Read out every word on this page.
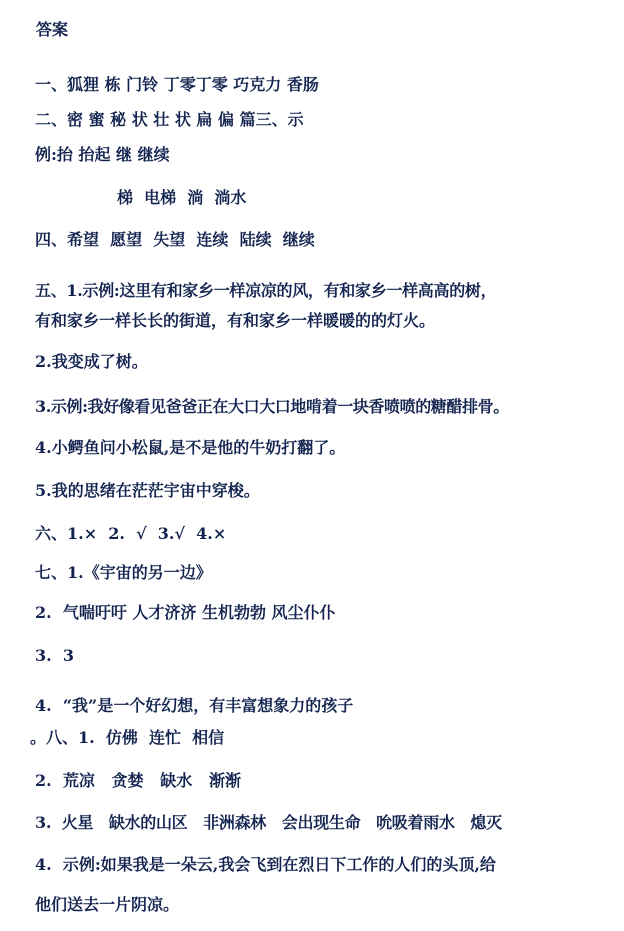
答案
一、狐狸 栋 门铃 丁零丁零 巧克力 香肠
二、密 蜜 秘 状 壮 状 扁 偏 篇三、示
例:抬 抬起 继 继续
梯  电梯  淌  淌水
四、希望  愿望  失望  连续  陆续  继续
五、1.示例:这里有和家乡一样凉凉的风，有和家乡一样高高的树，
有和家乡一样长长的街道，有和家乡一样暖暖的的灯火。
2.我变成了树。
3.示例:我好像看见爸爸正在大口大口地啃着一块香喷喷的糖醋排骨。
4.小鳄鱼问小松鼠,是不是他的牛奶打翻了。
5.我的思绪在茫茫宇宙中穿梭。
六、1.×  2.  √  3.√  4.×
七、1.《宇宙的另一边》
2.  气喘吁吁 人才济济 生机勃勃 风尘仆仆
3.  3
4.  “我”是一个好幻想，有丰富想象力的孩子
。八、1.  仿佛  连忙  相信
2.  荒凉   贪婪   缺水   渐渐
3.  火星   缺水的山区   非洲森林   会出现生命   吮吸着雨水   熄灭
4.  示例:如果我是一朵云,我会飞到在烈日下工作的人们的头顶,给
他们送去一片阴凉。
